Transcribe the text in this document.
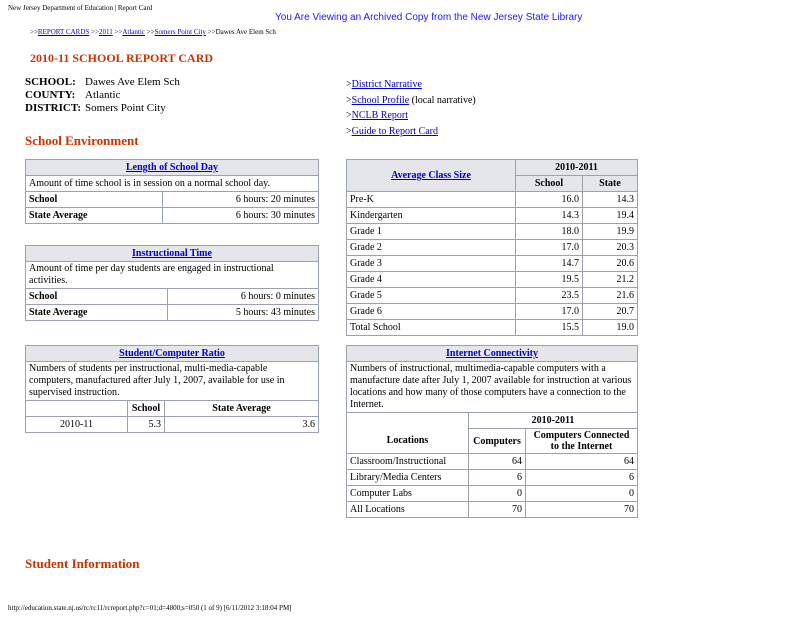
New Jersey Department of Education | Report Card
You Are Viewing an Archived Copy from the New Jersey State Library
>>REPORT CARDS >>2011 >>Atlantic >>Somers Point City >>Dawes Ave Elem Sch
2010-11 SCHOOL REPORT CARD
SCHOOL:	Dawes Ave Elem Sch
COUNTY:	Atlantic
DISTRICT:	Somers Point City
>District Narrative
>School Profile (local narrative)
>NCLB Report
>Guide to Report Card
School Environment
Length of School Day	
Amount of time school is in session on a normal school day.	
School	6 hours: 20 minutes
State Average	6 hours: 30 minutes
Instructional Time	
Amount of time per day students are engaged in instructional activities.	
School	6 hours: 0 minutes
State Average	5 hours: 43 minutes
Student/Computer Ratio		
Numbers of students per instructional, multi-media-capable computers, manufactured after July 1, 2007, available for use in supervised instruction.		
	School	State Average
2010-11	5.3	3.6
Average Class Size	2010-2011	
	School	State
Pre-K	16.0	14.3
Kindergarten	14.3	19.4
Grade 1	18.0	19.9
Grade 2	17.0	20.3
Grade 3	14.7	20.6
Grade 4	19.5	21.2
Grade 5	23.5	21.6
Grade 6	17.0	20.7
Total School	15.5	19.0
Internet Connectivity		
Numbers of instructional, multimedia-capable computers with a manufacture date after July 1, 2007 available for instruction at various locations and how many of those computers have a connection to the Internet.		
	2010-2011	
Locations	Computers	Computers Connected to the Internet
Classroom/Instructional	64	64
Library/Media Centers	6	6
Computer Labs	0	0
All Locations	70	70
Student Information
http://education.state.nj.us/rc/rc11/rcreport.php?c=01;d=4800;s=050 (1 of 9) [6/11/2012 3:18:04 PM]
